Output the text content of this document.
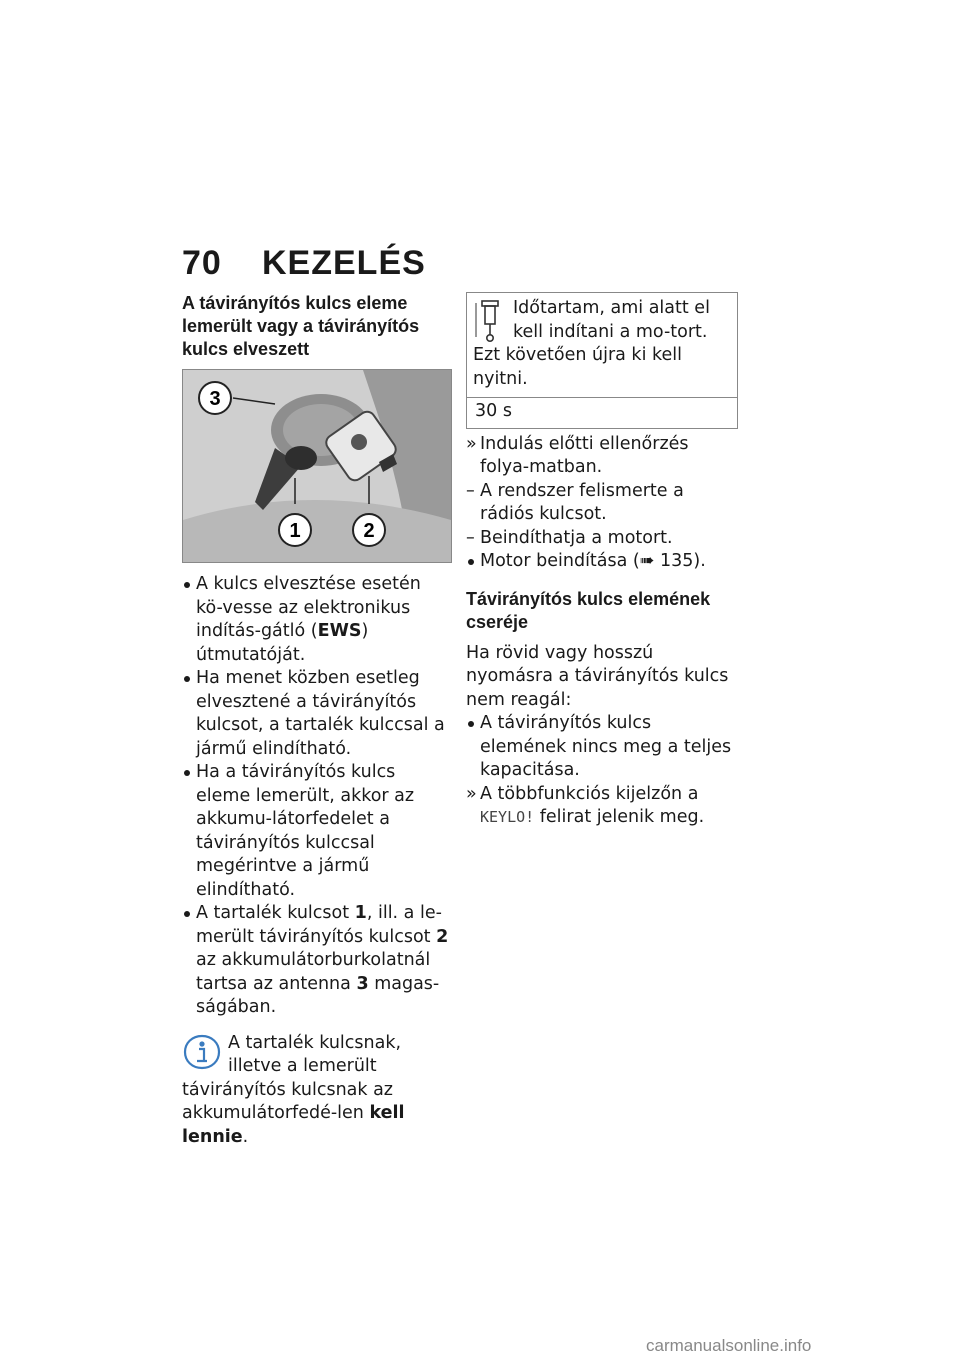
70 KEZELÉS
A távirányítós kulcs eleme lemerült vagy a távirányítós kulcs elveszett
3
1	2
A kulcs elvesztése esetén kö-vesse az elektronikus indítás-gátló (EWS) útmutatóját.
Ha menet közben esetleg elvesztené a távirányítós kulcsot, a tartalék kulccsal a jármű elindítható.
Ha a távirányítós kulcs eleme lemerült, akkor az akkumu-látorfedelet a távirányítós kulccsal megérintve a jármű elindítható.
A tartalék kulcsot 1, ill. a le-merült távirányítós kulcsot 2 az akkumulátorburkolatnál tartsa az antenna 3 magas-ságában.
A tartalék kulcsnak, illetve a lemerült távirányítós kulcsnak az akkumulátorfedé-len kell lennie.
Időtartam, ami alatt el kell indítani a mo-tort. Ezt követően újra ki kell nyitni.
30 s
» Indulás előtti ellenőrzés folya-matban.
– A rendszer felismerte a rádiós kulcsot.
– Beindíthatja a motort.
Motor beindítása (➠ 135).
Távirányítós kulcs elemének cseréje
Ha rövid vagy hosszú nyomásra a távirányítós kulcs nem reagál:
A távirányítós kulcs elemének nincs meg a teljes kapacitása.
» A többfunkciós kijelzőn a KEYLO! felirat jelenik meg.
carmanualsonline.info
